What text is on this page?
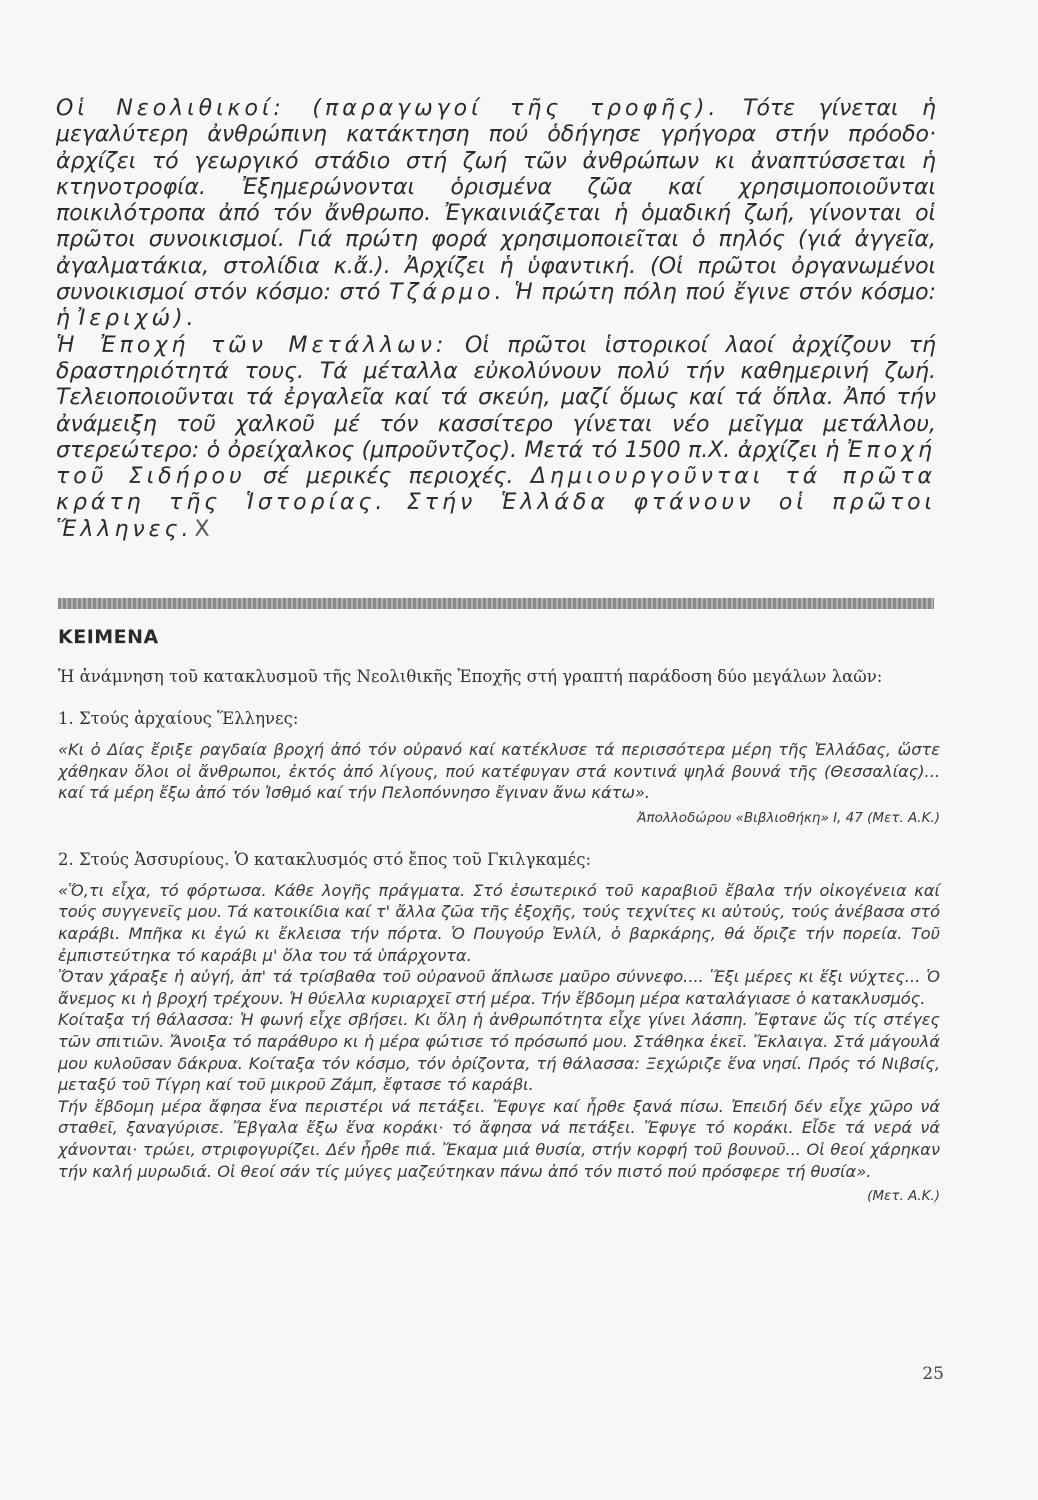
Οἱ Νεολιθικοί: (παραγωγοί τῆς τροφῆς). Τότε γίνεται ἡ μεγαλύτερη ἀνθρώπινη κατάκτηση πού ὁδήγησε γρήγορα στήν πρόοδο· ἀρχίζει τό γεωργικό στάδιο στή ζωή τῶν ἀνθρώπων κι ἀναπτύσσεται ἡ κτηνοτροφία. Ἐξημερώνονται ὁρισμένα ζῶα καί χρησιμοποιοῦνται ποικιλότροπα ἀπό τόν ἄνθρωπο. Ἐγκαινιάζεται ἡ ὁμαδική ζωή, γίνονται οἱ πρῶτοι συνοικισμοί. Γιά πρώτη φορά χρησιμοποιεῖται ὁ πηλός (γιά ἀγγεῖα, ἀγαλματάκια, στολίδια κ.ἄ.). Ἀρχίζει ἡ ὑφαντική. (Οἱ πρῶτοι ὀργανωμένοι συνοικισμοί στόν κόσμο: στό Τζάρμο. Ἡ πρώτη πόλη πού ἔγινε στόν κόσμο: ἡ Ἰεριχώ).

Ἡ Ἐποχή τῶν Μετάλλων: Οἱ πρῶτοι ἱστορικοί λαοί ἀρχίζουν τή δραστηριότητά τους. Τά μέταλλα εὐκολύνουν πολύ τήν καθημερινή ζωή. Τελειοποιοῦνται τά ἐργαλεῖα καί τά σκεύη, μαζί ὅμως καί τά ὅπλα. Ἀπό τήν ἀνάμειξη τοῦ χαλκοῦ μέ τόν κασσίτερο γίνεται νέο μεῖγμα μετάλλου, στερεώτερο: ὁ ὀρείχαλκος (μπροῦντζος). Μετά τό 1500 π.Χ. ἀρχίζει ἡ Ἐποχή τοῦ Σιδήρου σέ μερικές περιοχές. Δημιουργοῦνται τά πρῶτα κράτη τῆς Ἱστορίας. Στήν Ἑλλάδα φτάνουν οἱ πρῶτοι Ἕλληνες.Χ

ΚΕΙΜΕΝΑ

Ἡ ἀνάμνηση τοῦ κατακλυσμοῦ τῆς Νεολιθικῆς Ἐποχῆς στή γραπτή παράδοση δύο μεγάλων λαῶν:

1. Στούς ἀρχαίους Ἕλληνες:

«Κι ὁ Δίας ἔριξε ραγδαία βροχή ἀπό τόν οὐρανό καί κατέκλυσε τά περισσότερα μέρη τῆς Ἑλλάδας, ὥστε χάθηκαν ὅλοι οἱ ἄνθρωποι, ἐκτός ἀπό λίγους, πού κατέφυγαν στά κοντινά ψηλά βουνά τῆς (Θεσσαλίας)... καί τά μέρη ἔξω ἀπό τόν Ἰσθμό καί τήν Πελοπόννησο ἔγιναν ἄνω κάτω».

Ἀπολλοδώρου «Βιβλιοθήκη» Ι, 47 (Μετ. Α.Κ.)

2. Στούς Ἀσσυρίους. Ὁ κατακλυσμός στό ἔπος τοῦ Γκιλγκαμές:

«Ὅ,τι εἶχα, τό φόρτωσα. Κάθε λογῆς πράγματα. Στό ἐσωτερικό τοῦ καραβιοῦ ἔβαλα τήν οἰκογένεια καί τούς συγγενεῖς μου. Τά κατοικίδια καί τ' ἄλλα ζῶα τῆς ἐξοχῆς, τούς τεχνίτες κι αὐτούς, τούς ἀνέβασα στό καράβι. Μπῆκα κι ἐγώ κι ἔκλεισα τήν πόρτα. Ὁ Πουγούρ Ἐνλίλ, ὁ βαρκάρης, θά ὅριζε τήν πορεία. Τοῦ ἐμπιστεύτηκα τό καράβι μ' ὅλα του τά ὑπάρχοντα.

Ὅταν χάραξε ἡ αὐγή, ἀπ' τά τρίσβαθα τοῦ οὐρανοῦ ἅπλωσε μαῦρο σύννεφο.... Ἕξι μέρες κι ἕξι νύχτες... Ὁ ἄνεμος κι ἡ βροχή τρέχουν. Ἡ θύελλα κυριαρχεῖ στή μέρα. Τήν ἕβδομη μέρα καταλάγιασε ὁ κατακλυσμός.

Κοίταξα τή θάλασσα: Ἡ φωνή εἶχε σβήσει. Κι ὅλη ἡ ἀνθρωπότητα εἶχε γίνει λάσπη. Ἔφτανε ὥς τίς στέγες τῶν σπιτιῶν. Ἄνοιξα τό παράθυρο κι ἡ μέρα φώτισε τό πρόσωπό μου. Στάθηκα ἐκεῖ. Ἔκλαιγα. Στά μάγουλά μου κυλοῦσαν δάκρυα. Κοίταξα τόν κόσμο, τόν ὁρίζοντα, τή θάλασσα: Ξεχώριζε ἕνα νησί. Πρός τό Νιβσίς, μεταξύ τοῦ Τίγρη καί τοῦ μικροῦ Ζάμπ, ἔφτασε τό καράβι.

Τήν ἕβδομη μέρα ἄφησα ἕνα περιστέρι νά πετάξει. Ἔφυγε καί ἦρθε ξανά πίσω. Ἐπειδή δέν εἶχε χῶρο νά σταθεῖ, ξαναγύρισε. Ἔβγαλα ἔξω ἕνα κοράκι· τό ἄφησα νά πετάξει. Ἔφυγε τό κοράκι. Εἶδε τά νερά νά χάνονται· τρώει, στριφογυρίζει. Δέν ἦρθε πιά. Ἔκαμα μιά θυσία, στήν κορφή τοῦ βουνοῦ... Οἱ θεοί χάρηκαν τήν καλή μυρωδιά. Οἱ θεοί σάν τίς μύγες μαζεύτηκαν πάνω ἀπό τόν πιστό πού πρόσφερε τή θυσία».

(Μετ. Α.Κ.)

25
